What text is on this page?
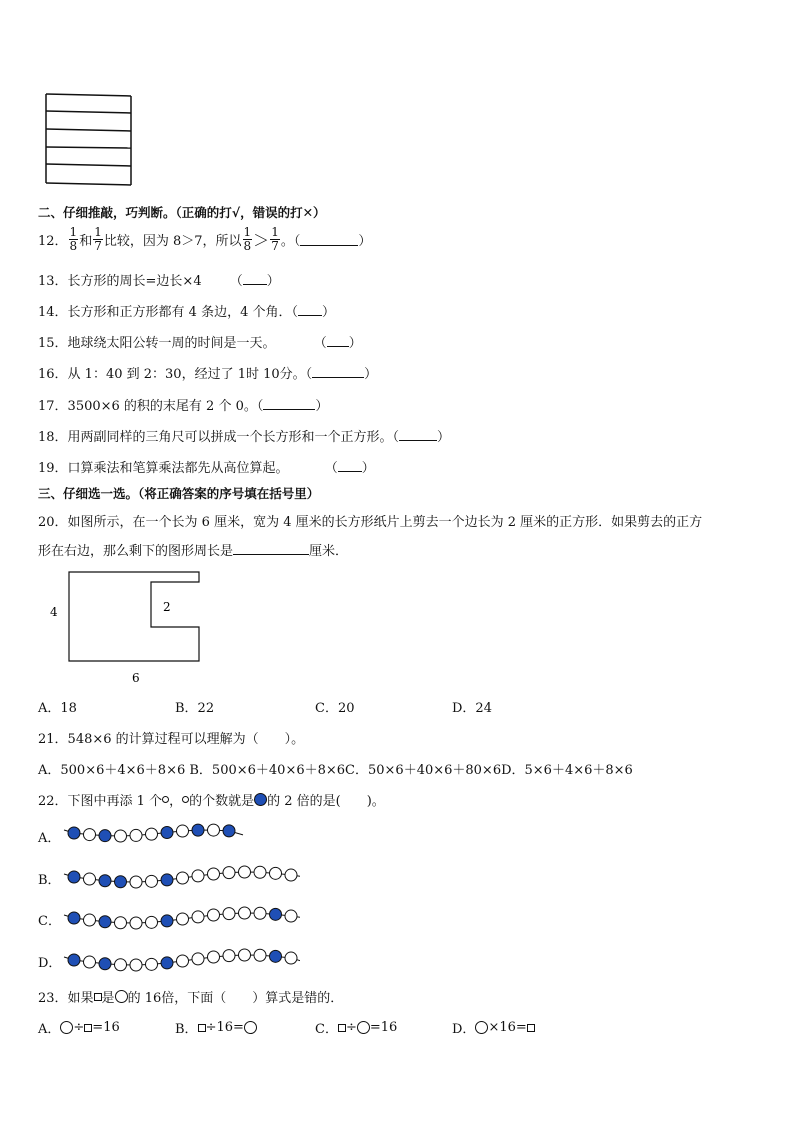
二、仔细推敲，巧判断。（正确的打√，错误的打✕）
12． $\frac{1}{8}$ 和 $\frac{1}{7}$ 比较，因为 8＞7，所以 $\frac{1}{8} > \frac{1}{7}$ 。（	）
13．长方形的周长=边长×4 （ ）
14．长方形和正方形都有 4 条边，4 个角．（ ）
15．地球绕太阳公转一周的时间是一天。	（ ）
16．从 1：40 到 2：30，经过了 1时 10分。（	）
17．3500×6 的积的末尾有 2 个 0。（	）
18．用两副同样的三角尺可以拼成一个长方形和一个正方形。（	）
19．口算乘法和笔算乘法都先从高位算起。	（ ）
三、仔细选一选。（将正确答案的序号填在括号里）
20．如图所示，在一个长为 6 厘米，宽为 4 厘米的长方形纸片上剪去一个边长为 2 厘米的正方形．如果剪去的正方
形在右边，那么剩下的图形周长是	厘米．
4	2
6
A．18	B．22	C．20	D．24
21．548×6 的计算过程可以理解为（　　）。
A．500×6＋4×6＋8×6 B．500×6＋40×6＋8×6C．50×6＋40×6＋80×6D．5×6＋4×6＋8×6
22．下图中再添 1 个 ， 的个数就是 的 2 倍的是(　　)。
A．
B．
C．
D．
23．如果 是 的 16倍，下面（　　）算式是错的．
A． ÷ =16	B． ÷16=	C． ÷ =16	D． ×16=
